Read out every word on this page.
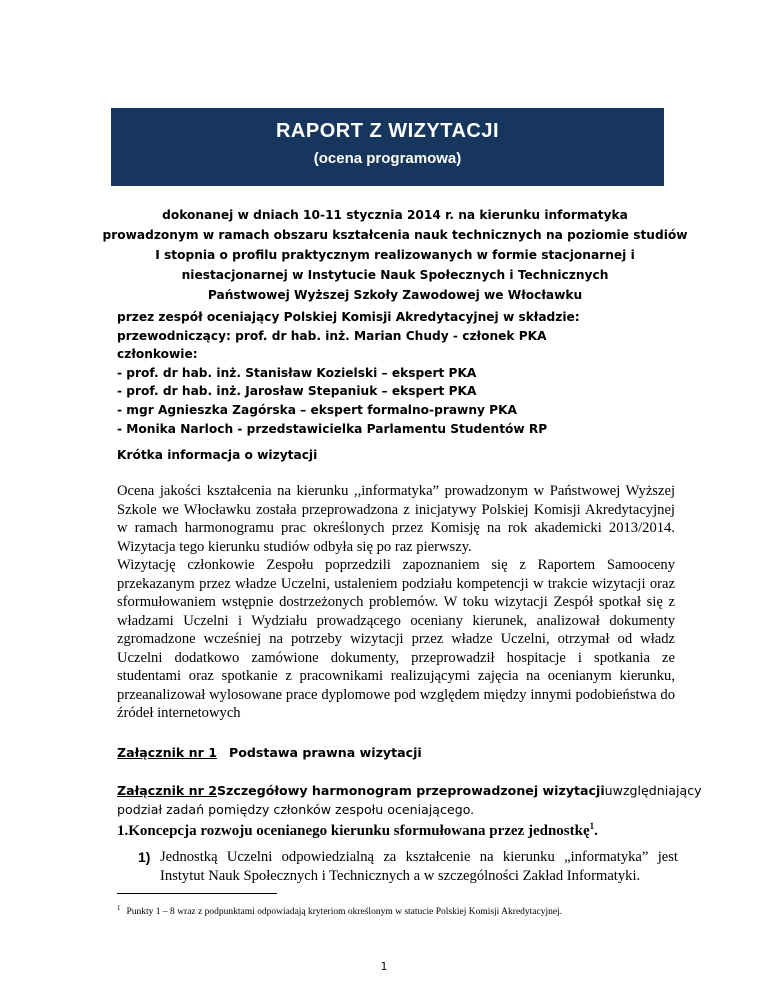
RAPORT Z WIZYTACJI
(ocena programowa)
dokonanej w dniach 10-11 stycznia 2014 r. na kierunku informatyka
prowadzonym w ramach obszaru kształcenia nauk technicznych na poziomie studiów
I stopnia o profilu praktycznym realizowanych w formie stacjonarnej i
niestacjonarnej w Instytucie Nauk Społecznych i Technicznych
Państwowej Wyższej Szkoły Zawodowej we Włocławku
przez zespół oceniający Polskiej Komisji Akredytacyjnej w składzie:
przewodniczący: prof. dr hab. inż. Marian Chudy - członek PKA
członkowie:
- prof. dr hab. inż. Stanisław Kozielski – ekspert PKA
- prof. dr hab. inż. Jarosław Stepaniuk – ekspert PKA
- mgr Agnieszka Zagórska – ekspert formalno-prawny PKA
- Monika Narloch - przedstawicielka Parlamentu Studentów RP
Krótka informacja o wizytacji

Ocena jakości kształcenia na kierunku ,,informatyka” prowadzonym w Państwowej Wyższej Szkole we Włocławku została przeprowadzona z inicjatywy Polskiej Komisji Akredytacyjnej w ramach harmonogramu prac określonych przez Komisję na rok akademicki 2013/2014. Wizytacja tego kierunku studiów odbyła się po raz pierwszy.

Wizytację członkowie Zespołu poprzedzili zapoznaniem się z Raportem Samooceny przekazanym przez władze Uczelni, ustaleniem podziału kompetencji w trakcie wizytacji oraz sformułowaniem wstępnie dostrzeżonych problemów. W toku wizytacji Zespół spotkał się z władzami Uczelni i Wydziału prowadzącego oceniany kierunek, analizował dokumenty zgromadzone wcześniej na potrzeby wizytacji przez władze Uczelni, otrzymał od władz Uczelni dodatkowo zamówione dokumenty, przeprowadził hospitacje i spotkania ze studentami oraz spotkanie z pracownikami realizującymi zajęcia na ocenianym kierunku, przeanalizował wylosowane prace dyplomowe pod względem między innymi podobieństwa do źródeł internetowych

Załącznik nr 1 Podstawa prawna wizytacji
Załącznik nr 2 Szczegółowy harmonogram przeprowadzonej wizytacji uwzględniający
podział zadań pomiędzy członków zespołu oceniającego.
1.Koncepcja rozwoju ocenianego kierunku sformułowana przez jednostkę$^1$.
1) Jednostką Uczelni odpowiedzialną za kształcenie na kierunku „informatyka” jest Instytut Nauk Społecznych i Technicznych a w szczególności Zakład Informatyki.
$^1$ Punkty 1 – 8 wraz z podpunktami odpowiadają kryteriom określonym w statucie Polskiej Komisji Akredytacyjnej.
1
